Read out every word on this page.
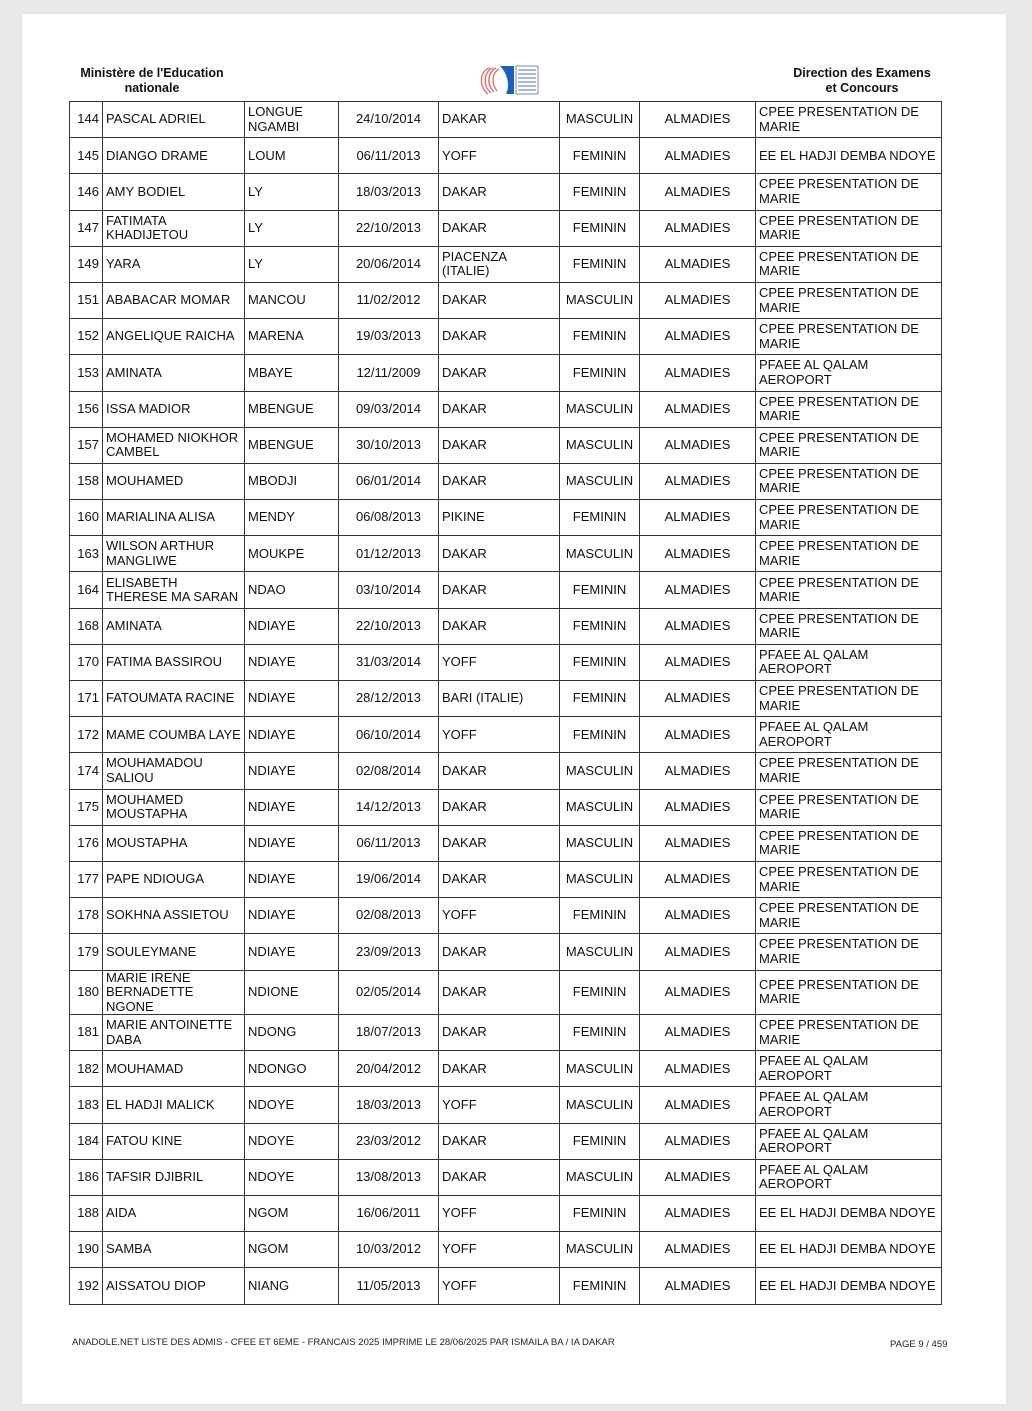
Ministère de l'Education
nationale
Direction des Examens
et Concours
144	PASCAL ADRIEL	LONGUE NGAMBI	24/10/2014	DAKAR	MASCULIN	ALMADIES	CPEE PRESENTATION DE MARIE
145	DIANGO DRAME	LOUM	06/11/2013	YOFF	FEMININ	ALMADIES	EE EL HADJI DEMBA NDOYE
146	AMY BODIEL	LY	18/03/2013	DAKAR	FEMININ	ALMADIES	CPEE PRESENTATION DE MARIE
147	FATIMATA KHADIJETOU	LY	22/10/2013	DAKAR	FEMININ	ALMADIES	CPEE PRESENTATION DE MARIE
149	YARA	LY	20/06/2014	PIACENZA (ITALIE)	FEMININ	ALMADIES	CPEE PRESENTATION DE MARIE
151	ABABACAR MOMAR	MANCOU	11/02/2012	DAKAR	MASCULIN	ALMADIES	CPEE PRESENTATION DE MARIE
152	ANGELIQUE RAICHA	MARENA	19/03/2013	DAKAR	FEMININ	ALMADIES	CPEE PRESENTATION DE MARIE
153	AMINATA	MBAYE	12/11/2009	DAKAR	FEMININ	ALMADIES	PFAEE AL QALAM AEROPORT
156	ISSA MADIOR	MBENGUE	09/03/2014	DAKAR	MASCULIN	ALMADIES	CPEE PRESENTATION DE MARIE
157	MOHAMED NIOKHOR CAMBEL	MBENGUE	30/10/2013	DAKAR	MASCULIN	ALMADIES	CPEE PRESENTATION DE MARIE
158	MOUHAMED	MBODJI	06/01/2014	DAKAR	MASCULIN	ALMADIES	CPEE PRESENTATION DE MARIE
160	MARIALINA ALISA	MENDY	06/08/2013	PIKINE	FEMININ	ALMADIES	CPEE PRESENTATION DE MARIE
163	WILSON ARTHUR MANGLIWE	MOUKPE	01/12/2013	DAKAR	MASCULIN	ALMADIES	CPEE PRESENTATION DE MARIE
164	ELISABETH THERESE MA SARAN	NDAO	03/10/2014	DAKAR	FEMININ	ALMADIES	CPEE PRESENTATION DE MARIE
168	AMINATA	NDIAYE	22/10/2013	DAKAR	FEMININ	ALMADIES	CPEE PRESENTATION DE MARIE
170	FATIMA BASSIROU	NDIAYE	31/03/2014	YOFF	FEMININ	ALMADIES	PFAEE AL QALAM AEROPORT
171	FATOUMATA RACINE	NDIAYE	28/12/2013	BARI (ITALIE)	FEMININ	ALMADIES	CPEE PRESENTATION DE MARIE
172	MAME COUMBA LAYE	NDIAYE	06/10/2014	YOFF	FEMININ	ALMADIES	PFAEE AL QALAM AEROPORT
174	MOUHAMADOU SALIOU	NDIAYE	02/08/2014	DAKAR	MASCULIN	ALMADIES	CPEE PRESENTATION DE MARIE
175	MOUHAMED MOUSTAPHA	NDIAYE	14/12/2013	DAKAR	MASCULIN	ALMADIES	CPEE PRESENTATION DE MARIE
176	MOUSTAPHA	NDIAYE	06/11/2013	DAKAR	MASCULIN	ALMADIES	CPEE PRESENTATION DE MARIE
177	PAPE NDIOUGA	NDIAYE	19/06/2014	DAKAR	MASCULIN	ALMADIES	CPEE PRESENTATION DE MARIE
178	SOKHNA ASSIETOU	NDIAYE	02/08/2013	YOFF	FEMININ	ALMADIES	CPEE PRESENTATION DE MARIE
179	SOULEYMANE	NDIAYE	23/09/2013	DAKAR	MASCULIN	ALMADIES	CPEE PRESENTATION DE MARIE
180	MARIE IRENE BERNADETTE NGONE	NDIONE	02/05/2014	DAKAR	FEMININ	ALMADIES	CPEE PRESENTATION DE MARIE
181	MARIE ANTOINETTE DABA	NDONG	18/07/2013	DAKAR	FEMININ	ALMADIES	CPEE PRESENTATION DE MARIE
182	MOUHAMAD	NDONGO	20/04/2012	DAKAR	MASCULIN	ALMADIES	PFAEE AL QALAM AEROPORT
183	EL HADJI MALICK	NDOYE	18/03/2013	YOFF	MASCULIN	ALMADIES	PFAEE AL QALAM AEROPORT
184	FATOU KINE	NDOYE	23/03/2012	DAKAR	FEMININ	ALMADIES	PFAEE AL QALAM AEROPORT
186	TAFSIR DJIBRIL	NDOYE	13/08/2013	DAKAR	MASCULIN	ALMADIES	PFAEE AL QALAM AEROPORT
188	AIDA	NGOM	16/06/2011	YOFF	FEMININ	ALMADIES	EE EL HADJI DEMBA NDOYE
190	SAMBA	NGOM	10/03/2012	YOFF	MASCULIN	ALMADIES	EE EL HADJI DEMBA NDOYE
192	AISSATOU DIOP	NIANG	11/05/2013	YOFF	FEMININ	ALMADIES	EE EL HADJI DEMBA NDOYE
ANADOLE.NET LISTE DES ADMIS - CFEE ET 6EME - FRANCAIS 2025 IMPRIME LE 28/06/2025 PAR ISMAILA BA / IA DAKAR	PAGE 9 / 459
